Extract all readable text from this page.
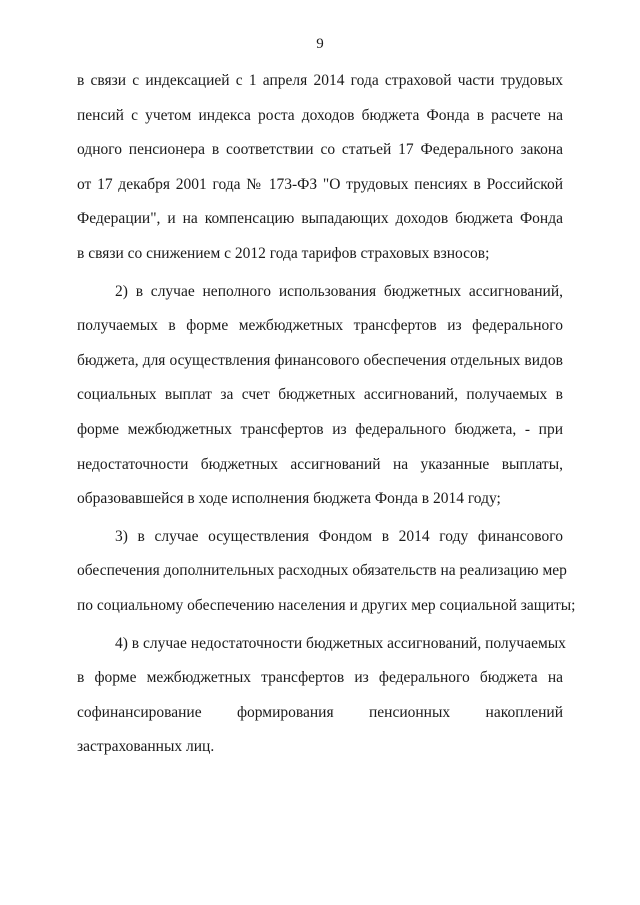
9

в связи с индексацией с 1 апреля 2014 года страховой части трудовых
пенсий с учетом индекса роста доходов бюджета Фонда в расчете на
одного пенсионера в соответствии со статьей 17 Федерального закона
от 17 декабря 2001 года № 173-ФЗ "О трудовых пенсиях в Российской
Федерации", и на компенсацию выпадающих доходов бюджета Фонда
в связи со снижением с 2012 года тарифов страховых взносов;

2) в случае неполного использования бюджетных ассигнований,
получаемых в форме межбюджетных трансфертов из федерального
бюджета, для осуществления финансового обеспечения отдельных видов
социальных выплат за счет бюджетных ассигнований, получаемых в
форме межбюджетных трансфертов из федерального бюджета, - при
недостаточности бюджетных ассигнований на указанные выплаты,
образовавшейся в ходе исполнения бюджета Фонда в 2014 году;

3) в случае осуществления Фондом в 2014 году финансового
обеспечения дополнительных расходных обязательств на реализацию мер
по социальному обеспечению населения и других мер социальной защиты;

4) в случае недостаточности бюджетных ассигнований, получаемых
в форме межбюджетных трансфертов из федерального бюджета на
софинансирование формирования пенсионных накоплений
застрахованных лиц.
